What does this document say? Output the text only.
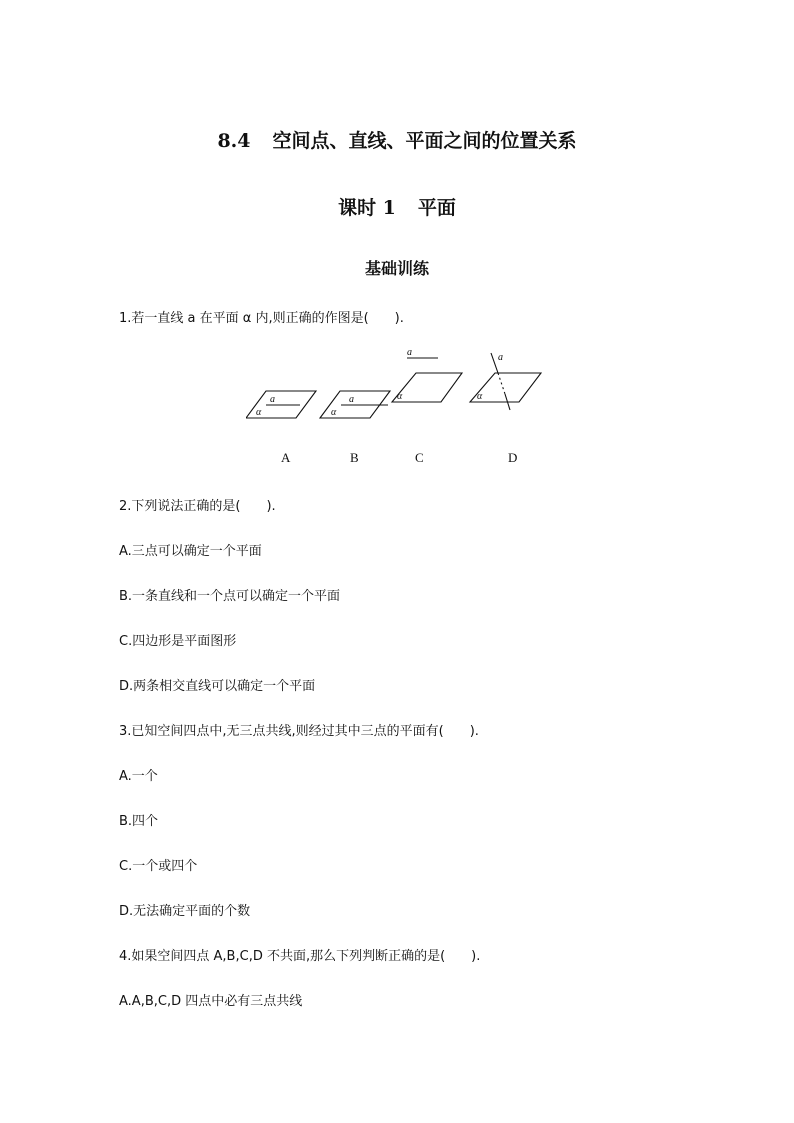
8.4 空间点、直线、平面之间的位置关系
课时 1 平面
基础训练
1.若一直线 a 在平面 α 内,则正确的作图是(　　).
a
α
a
α
a
α
a
α
A	B	C	D
2.下列说法正确的是(　　).
A.三点可以确定一个平面
B.一条直线和一个点可以确定一个平面
C.四边形是平面图形
D.两条相交直线可以确定一个平面
3.已知空间四点中,无三点共线,则经过其中三点的平面有(　　).
A.一个
B.四个
C.一个或四个
D.无法确定平面的个数
4.如果空间四点 A,B,C,D 不共面,那么下列判断正确的是(　　).
A.A,B,C,D 四点中必有三点共线
